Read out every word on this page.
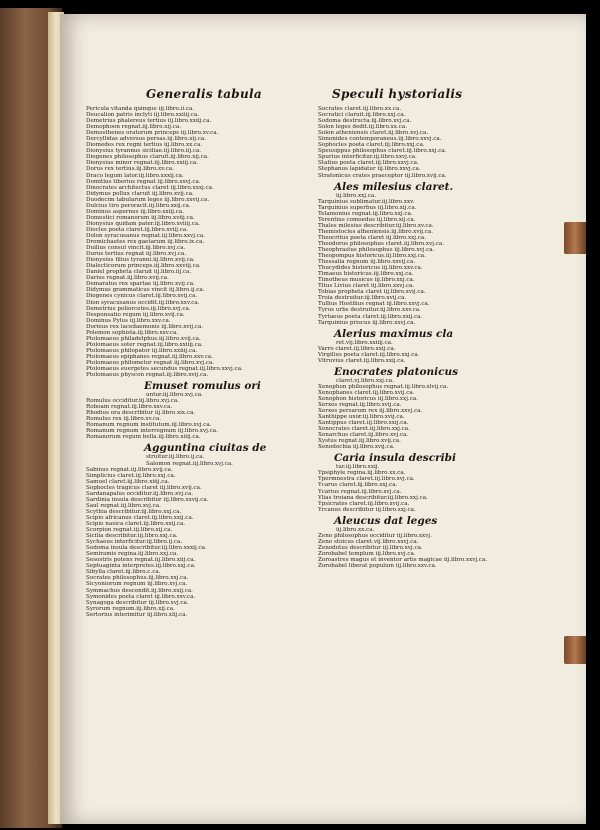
Generalis tabula
Pericula vitanda quinque iij.libro.ii.ca.
Deucalion patris inclyti iij.libro.xxiiij.ca.
Demetrius phalereus tertius iij.libro.xxiij.ca.
Demophoon regnat.iij.libro.xij.ca.
Demosthenes oratorum princeps iij.libro.xv.ca.
Dercyllidas adversus persas.iij.libro.xij.ca.
Diomedes rex regni tertius iij.libro.xx.ca.
Dionysius tyrannus siciliae.iij.libro.iij.ca.
Diogenes philosophus claruit.iij.libro.xij.ca.
Dionysius minor regnat.iij.libro.xxiij.ca.
Dorus rex tertius.iij.libro.xv.ca.
Draco legum lator.iij.libro.xxxij.ca.
Domitius tiberius regnat iij.libro.xxvj.ca.
Dinocrates architectus claret iij.libro.xxxj.ca.
Didymus pollux claruit iij.libro.xvij.ca.
Duodecim tabularum leges iij.libro.xxvij.ca.
Dulcius tiro peroracit.iij.libro.xxij.ca.
Dominus aspernus iij.libro.xxiij.ca.
Domestici romanorum iij.libro.xviij.ca.
Dionysius quidam pater.iij.libro.xviiij.ca.
Diocles poeta claret.iij.libro.xviij.ca.
Dolon syracusanus regnat.iij.libro.xxvj.ca.
Dromichaetes rex gaetarum iij.libro.ix.ca.
Duilius consul vincit.iij.libro.xvj.ca.
Durus tertius regnat iij.libro.xvj.ca.
Dionysius filius tyranni.iij.libro.xvij.ca.
Dialecticorum princeps.iij.libro.xxviij.ca.
Daniel propheta claruit iij.libro.iij.ca.
Darius regnat.iij.libro.xvij.ca.
Demaratus rex spartae iij.libro.xvij.ca.
Didymus grammaticus vincit iij.libro.ij.ca.
Diogenes cynicus claret.iij.libro.xvij.ca.
Dion syracusanus occidit.iij.libro.xxv.ca.
Demetrius poliorcetes.iij.libro.xvj.ca.
Desponsatio regum iij.libro.xvij.ca.
Dominus Pylus iij.libro.xxv.ca.
Dorieus rex lacedaemonis iij.libro.xvij.ca.
Polemon sophista.iij.libro.xxv.ca.
Ptolomaeus philadelphus.iij.libro.xvij.ca.
Ptolomaeus soter regnat.iij.libro.xxiiij.ca.
Ptolomaeus philopator iij.libro.xxiiij.ca.
Ptolomaeus epiphanes regnat.iij.libro.xxv.ca.
Ptolomaeus philometor regnat iij.libro.xvj.ca.
Ptolomaeus euergetes secundus regnat.iij.libro.xxvj.ca.
Ptolomaeus physcon regnat.iij.libro.xvij.ca.
Emuset romulus ori
untur.iij.libro.xvj.ca.
Romulus occiditur.iij.libro.xvj.ca.
Roboam regnat.iij.libro.xxv.ca.
Rhodius ora describitur iij.libro.xix.ca.
Romulus rex iij.libro.xv.ca.
Romanum regnum institutum.iij.libro.xvj.ca.
Romanum regnum interregnum iij.libro.xvj.ca.
Romanorum regum bella.iij.libro.xiiij.ca.
Agguntina ciuitas de
struitur.iij.libro.ij.ca.
Salomon regnat.iij.libro.xvj.ca.
Sabinus regnat.iij.libro.xvij.ca.
Simplicius claret.iij.libro.xxj.ca.
Samuel claret.iij.libro.xiiij.ca.
Sophocles tragicus claret iij.libro.xvij.ca.
Sardanapalus occiditur.iij.libro.xvj.ca.
Sardinia insula describitur iij.libro.xxvij.ca.
Saul regnat.iij.libro.xvj.ca.
Scythia describitur.iij.libro.xxj.ca.
Scipio africanus claret.iij.libro.xxij.ca.
Scipio nasica claret.iij.libro.xxij.ca.
Scorpion regnat.iij.libro.xij.ca.
Sicilia describitur.iij.libro.xxj.ca.
Sychaeus interficitur.iij.libro.ij.ca.
Sodoma insula describitur.iij.libro.xxxij.ca.
Semiramis regina.iij.libro.xxj.ca.
Sesostris potens regnat.iij.libro.xiij.ca.
Septuaginta interpretes.iij.libro.xxj.ca.
Sibylla claret.iij.libro.c.ca.
Socrates philosophus.iij.libro.xxj.ca.
Sicyoniorum regnum iij.libro.xvj.ca.
Symmachus descendit.iij.libro.xxij.ca.
Symonides poeta claret iij.libro.xxv.ca.
Synagoga describitur iij.libro.xvj.ca.
Syrorum regnum.iij.libro.xij.ca.
Sertorius interimitur iij.libro.xlij.ca.
Speculi hystorialis
Socrates claret.iij.libro.xx.ca.
Socratici claruit.iij.libro.xxj.ca.
Sodoma destructa.iij.libro.xvj.ca.
Solon leges dedit.iij.libro.xx.ca.
Solon atheniensis claret.iij.libro.xvj.ca.
Simonides contemporaneus.iij.libro.xxvj.ca.
Sophocles poeta claret.iij.libro.xxj.ca.
Speusippus philosophus claret.iij.libro.xxj.ca.
Spurius interficitur.iij.libro.xxvj.ca.
Statius poeta claret.iij.libro.xxvj.ca.
Stephanus lapidatur iij.libro.xxvj.ca.
Stratonicus crates praeceptor iij.libro.xvij.ca.
Ales milesius claret.
iij.libro.xxj.ca.
Tarquinius sublimatur.iij.libro.xxv.
Tarquinius superbus iij.libro.xij.ca.
Telamonius regnat.iij.libro.xxj.ca.
Terentius comoedus iij.libro.xij.ca.
Thales milesius describitur.iij.libro.xv.ca.
Themistocles atheniensis.iij.libro.xvij.ca.
Theocritus poeta claret iij.libro.xxj.ca.
Theodorus philosophus claret.iij.libro.xvj.ca.
Theophrastus philosophus iij.libro.xvj.ca.
Theopompus historicus.iij.libro.xxj.ca.
Thessalia regnum iij.libro.xxvij.ca.
Thucydides historicus iij.libro.xxv.ca.
Timaeus historicus.iij.libro.xxj.ca.
Timotheus musicus iij.libro.xxj.ca.
Titus Livius claret iij.libro.xxvj.ca.
Tobias propheta claret iij.libro.xvij.ca.
Troia destruitur.iij.libro.xvij.ca.
Tullius Hostilius regnat iij.libro.xxvj.ca.
Tyrus urbs destruitur.iij.libro.xxv.ca.
Tyrtaeus poeta claret.iij.libro.xxij.ca.
Tarquinius priscus iij.libro.xxvj.ca.
Alerius maximus cla
ret.vij.libro.xxiiij.ca.
Varro claret.iij.libro.xxij.ca.
Virgilius poeta claret.iij.libro.xxj.ca.
Vitruvius claret.iij.libro.xxij.ca.
Enocrates platonicus
claret.vj.libro.xxj.ca.
Xenophon philosophus regnat.iij.libro.xlvij.ca.
Xenophanes claret.iij.libro.xvij.ca.
Xenophon historicus iij.libro.xxj.ca.
Xerxes regnat.iij.libro.xvij.ca.
Xerxes persarum rex iij.libro.xxvj.ca.
Xanthippe uxor.iij.libro.xvij.ca.
Xantippus claret.iij.libro.xxij.ca.
Xenocrates claret.iij.libro.xxj.ca.
Xenarchus claret.iij.libro.xvj.ca.
Xystus regnat.iij.libro.xvij.ca.
Xenodochia iij.libro.xvij.ca.
Caria insula describi
tur.iij.libro.xxij.
Ypsiphyle regina.iij.libro.xx.ca.
Ypermnestra claret.iij.libro.xvj.ca.
Ycarus claret.iij.libro.xxj.ca.
Ycarius regnat.iij.libro.xvj.ca.
Ylias troiana describitur.iij.libro.xxj.ca.
Ypsicrates claret.iij.libro.xvij.ca.
Yrcanus describitur iij.libro.xxj.ca.
Aleucus dat leges
iij.libro.xx.ca.
Zeno philosophus occiditur iij.libro.xxvj.
Zeno stoicus claret.vij.libro.xxvj.ca.
Zenodotus describitur iij.libro.xvj.ca.
Zorobabel templum iij.libro.xvj.ca.
Zoroastres magus et inventor artis magicae iij.libro.xxvj.ca.
Zorobabel liberat populum iij.libro.xxv.ca.
